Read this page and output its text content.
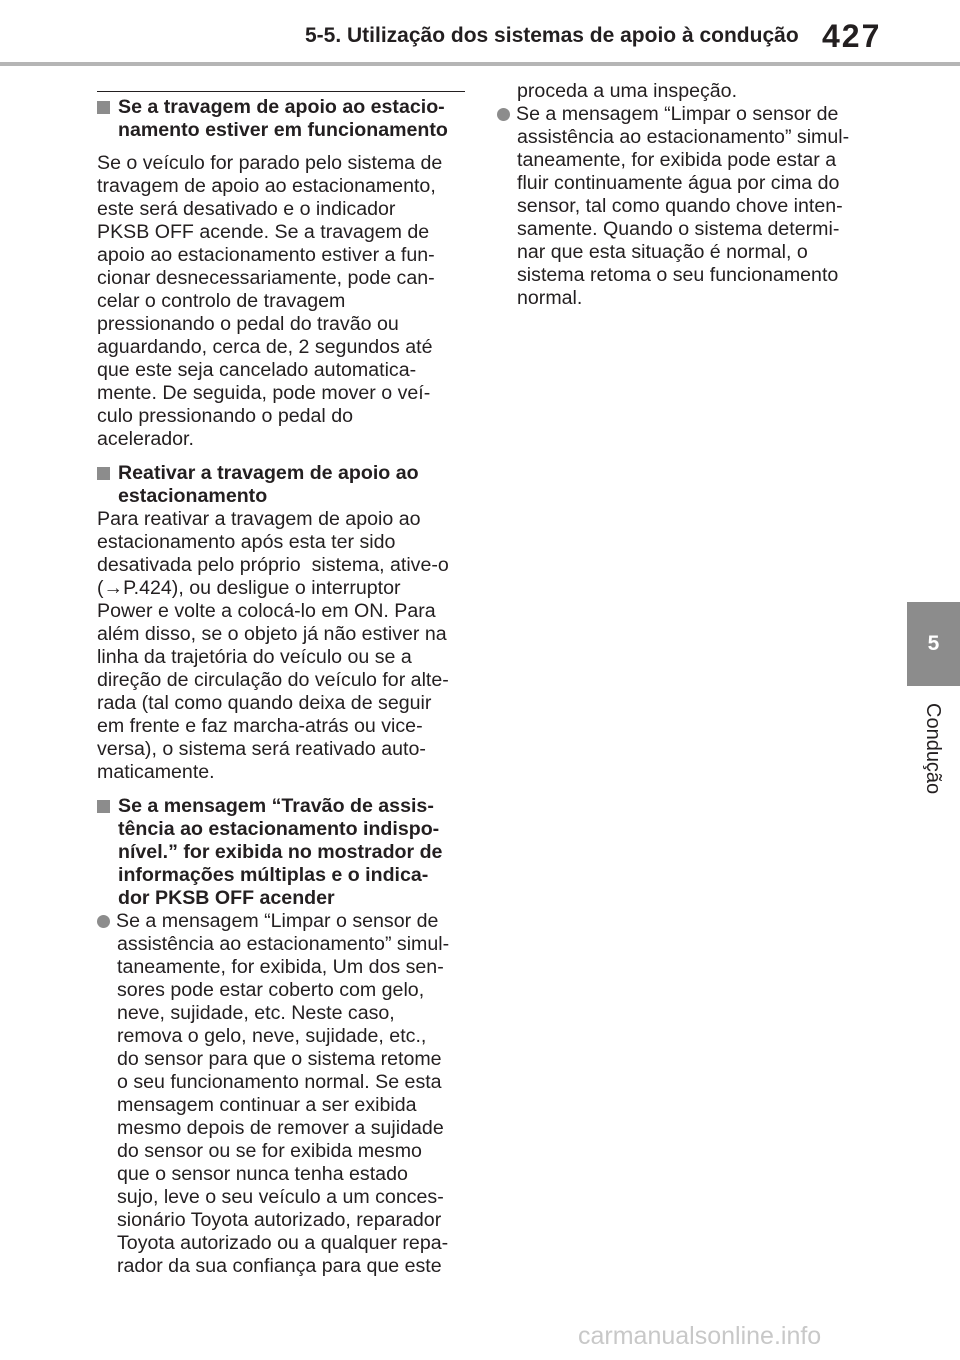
5-5. Utilização dos sistemas de apoio à condução 427
5
Condução
Se a travagem de apoio ao estacio-
namento estiver em funcionamento
Se o veículo for parado pelo sistema de
travagem de apoio ao estacionamento,
este será desativado e o indicador
PKSB OFF acende. Se a travagem de
apoio ao estacionamento estiver a fun-
cionar desnecessariamente, pode can-
celar o controlo de travagem
pressionando o pedal do travão ou
aguardando, cerca de, 2 segundos até
que este seja cancelado automatica-
mente. De seguida, pode mover o veí-
culo pressionando o pedal do
acelerador.
Reativar a travagem de apoio ao
estacionamento
Para reativar a travagem de apoio ao
estacionamento após esta ter sido
desativada pelo próprio  sistema, ative-o
(→P.424), ou desligue o interruptor
Power e volte a colocá-lo em ON. Para
além disso, se o objeto já não estiver na
linha da trajetória do veículo ou se a
direção de circulação do veículo for alte-
rada (tal como quando deixa de seguir
em frente e faz marcha-atrás ou vice-
versa), o sistema será reativado auto-
maticamente.
Se a mensagem “Travão de assis-
tência ao estacionamento indispo-
nível.” for exibida no mostrador de
informações múltiplas e o indica-
dor PKSB OFF acender
Se a mensagem “Limpar o sensor de
assistência ao estacionamento” simul-
taneamente, for exibida, Um dos sen-
sores pode estar coberto com gelo,
neve, sujidade, etc. Neste caso,
remova o gelo, neve, sujidade, etc.,
do sensor para que o sistema retome
o seu funcionamento normal. Se esta
mensagem continuar a ser exibida
mesmo depois de remover a sujidade
do sensor ou se for exibida mesmo
que o sensor nunca tenha estado
sujo, leve o seu veículo a um conces-
sionário Toyota autorizado, reparador
Toyota autorizado ou a qualquer repa-
rador da sua confiança para que este
proceda a uma inspeção.
Se a mensagem “Limpar o sensor de
assistência ao estacionamento” simul-
taneamente, for exibida pode estar a
fluir continuamente água por cima do
sensor, tal como quando chove inten-
samente. Quando o sistema determi-
nar que esta situação é normal, o
sistema retoma o seu funcionamento
normal.
carmanualsonline.info
